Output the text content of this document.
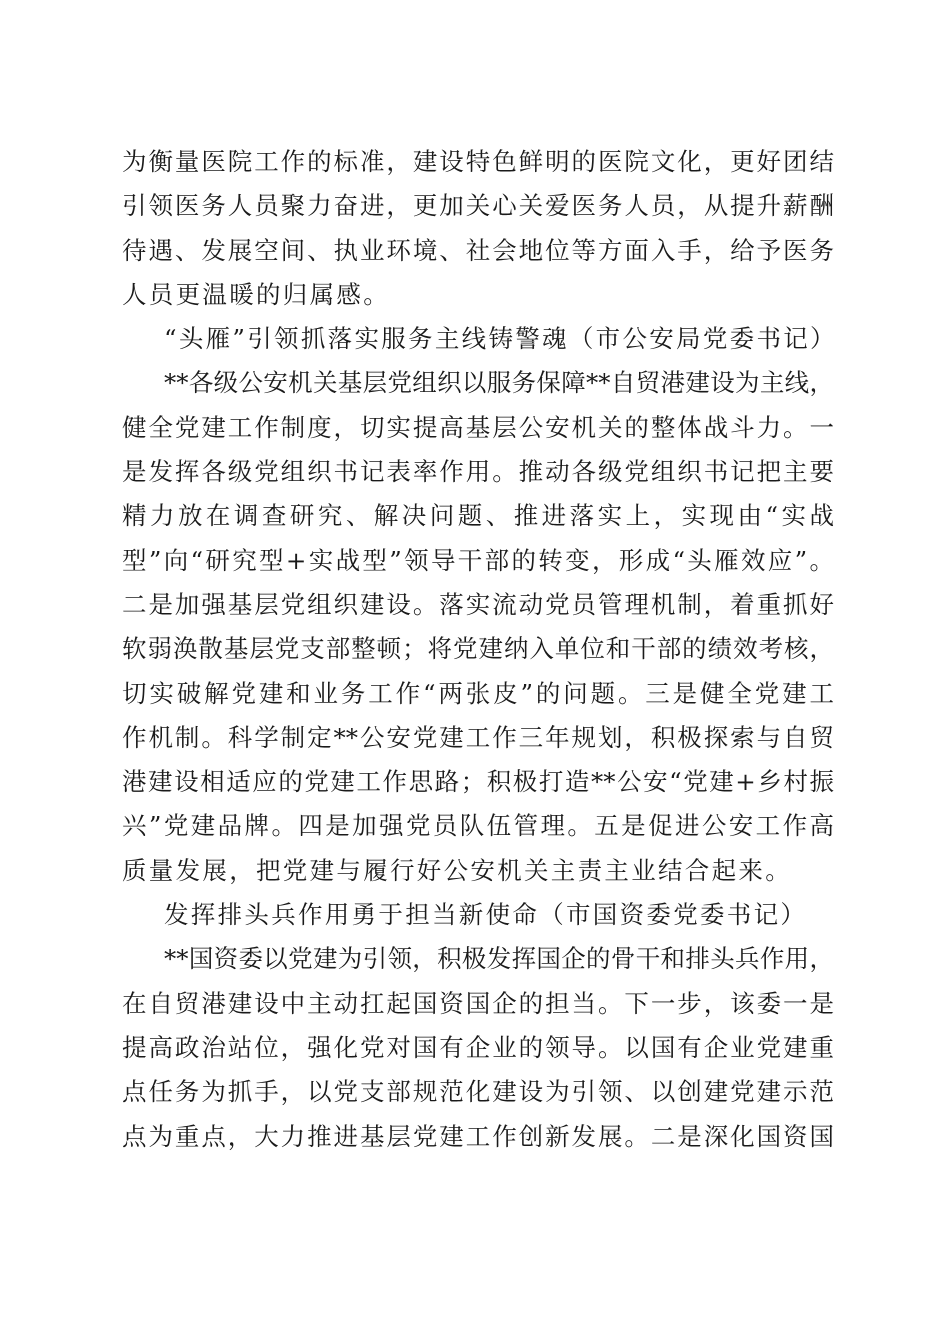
为衡量医院工作的标准，建设特色鲜明的医院文化，更好团结
引领医务人员聚力奋进，更加关心关爱医务人员，从提升薪酬
待遇、发展空间、执业环境、社会地位等方面入手，给予医务
人员更温暖的归属感。
“头雁”引领抓落实服务主线铸警魂（市公安局党委书记）
**各级公安机关基层党组织以服务保障**自贸港建设为主线，
健全党建工作制度，切实提高基层公安机关的整体战斗力。一
是发挥各级党组织书记表率作用。推动各级党组织书记把主要
精力放在调查研究、解决问题、推进落实上，实现由“实战
型”向“研究型+实战型”领导干部的转变，形成“头雁效应”。
二是加强基层党组织建设。落实流动党员管理机制，着重抓好
软弱涣散基层党支部整顿；将党建纳入单位和干部的绩效考核，
切实破解党建和业务工作“两张皮”的问题。三是健全党建工
作机制。科学制定**公安党建工作三年规划，积极探索与自贸
港建设相适应的党建工作思路；积极打造**公安“党建+乡村振
兴”党建品牌。四是加强党员队伍管理。五是促进公安工作高
质量发展，把党建与履行好公安机关主责主业结合起来。
发挥排头兵作用勇于担当新使命（市国资委党委书记）
**国资委以党建为引领，积极发挥国企的骨干和排头兵作用，
在自贸港建设中主动扛起国资国企的担当。下一步，该委一是
提高政治站位，强化党对国有企业的领导。以国有企业党建重
点任务为抓手，以党支部规范化建设为引领、以创建党建示范
点为重点，大力推进基层党建工作创新发展。二是深化国资国
